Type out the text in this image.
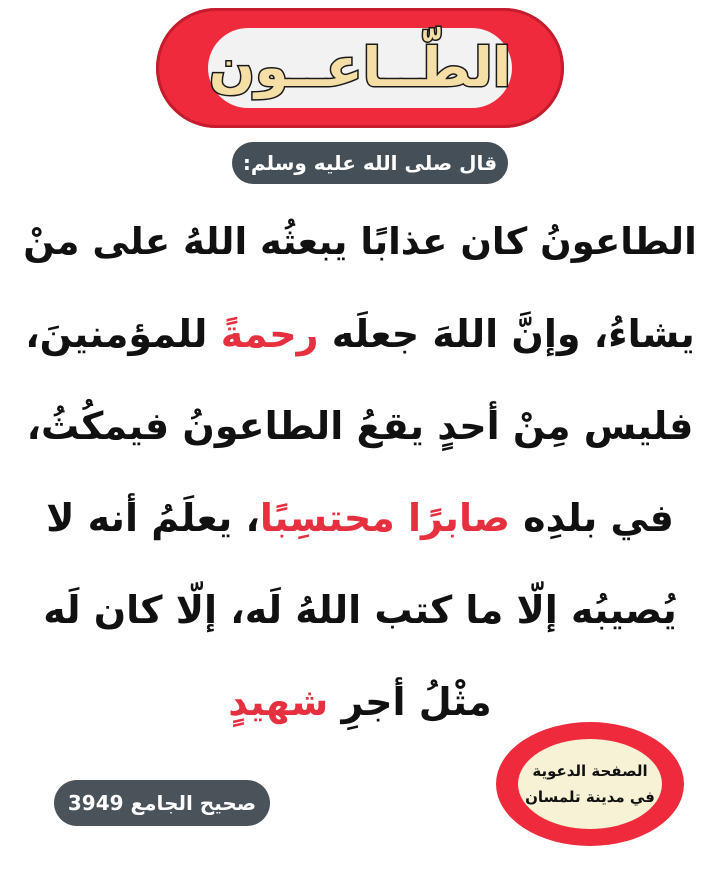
الطّــاعــون
قال صلى الله عليه وسلم:
الطاعونُ كان عذابًا يبعثُه اللهُ على منْ
يشاءُ، وإنَّ اللهَ جعلَه رحمةً للمؤمنينَ،
فليس مِنْ أحدٍ يقعُ الطاعونُ فيمكُثُ،
في بلدِه صابرًا محتسِبًا، يعلَمُ أنه لا
يُصيبُه إلّا ما كتب اللهُ لَه، إلّا كان لَه
مثْلُ أجرِ شهيدٍ
صحيح الجامع 3949
الصفحة الدعوية
في مدينة تلمسان
